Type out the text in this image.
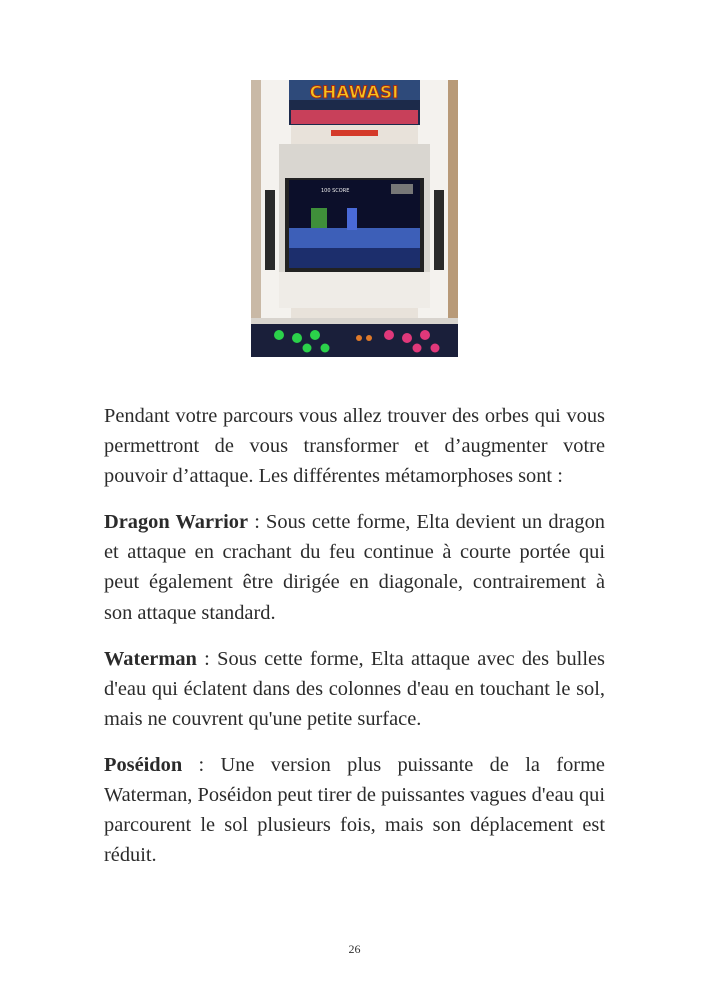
CHAWASI
100 SCORE

Pendant votre parcours vous allez trouver des orbes qui vous permettront de vous transformer et d’augmenter votre pouvoir d’attaque. Les différentes métamorphoses sont :

Dragon Warrior : Sous cette forme, Elta devient un dragon et attaque en crachant du feu continue à courte portée qui peut également être dirigée en diagonale, contrairement à son attaque standard.

Waterman : Sous cette forme, Elta attaque avec des bulles d'eau qui éclatent dans des colonnes d'eau en touchant le sol, mais ne couvrent qu'une petite surface.

Poséidon : Une version plus puissante de la forme Waterman, Poséidon peut tirer de puissantes vagues d'eau qui parcourent le sol plusieurs fois, mais son déplacement est réduit.

26
